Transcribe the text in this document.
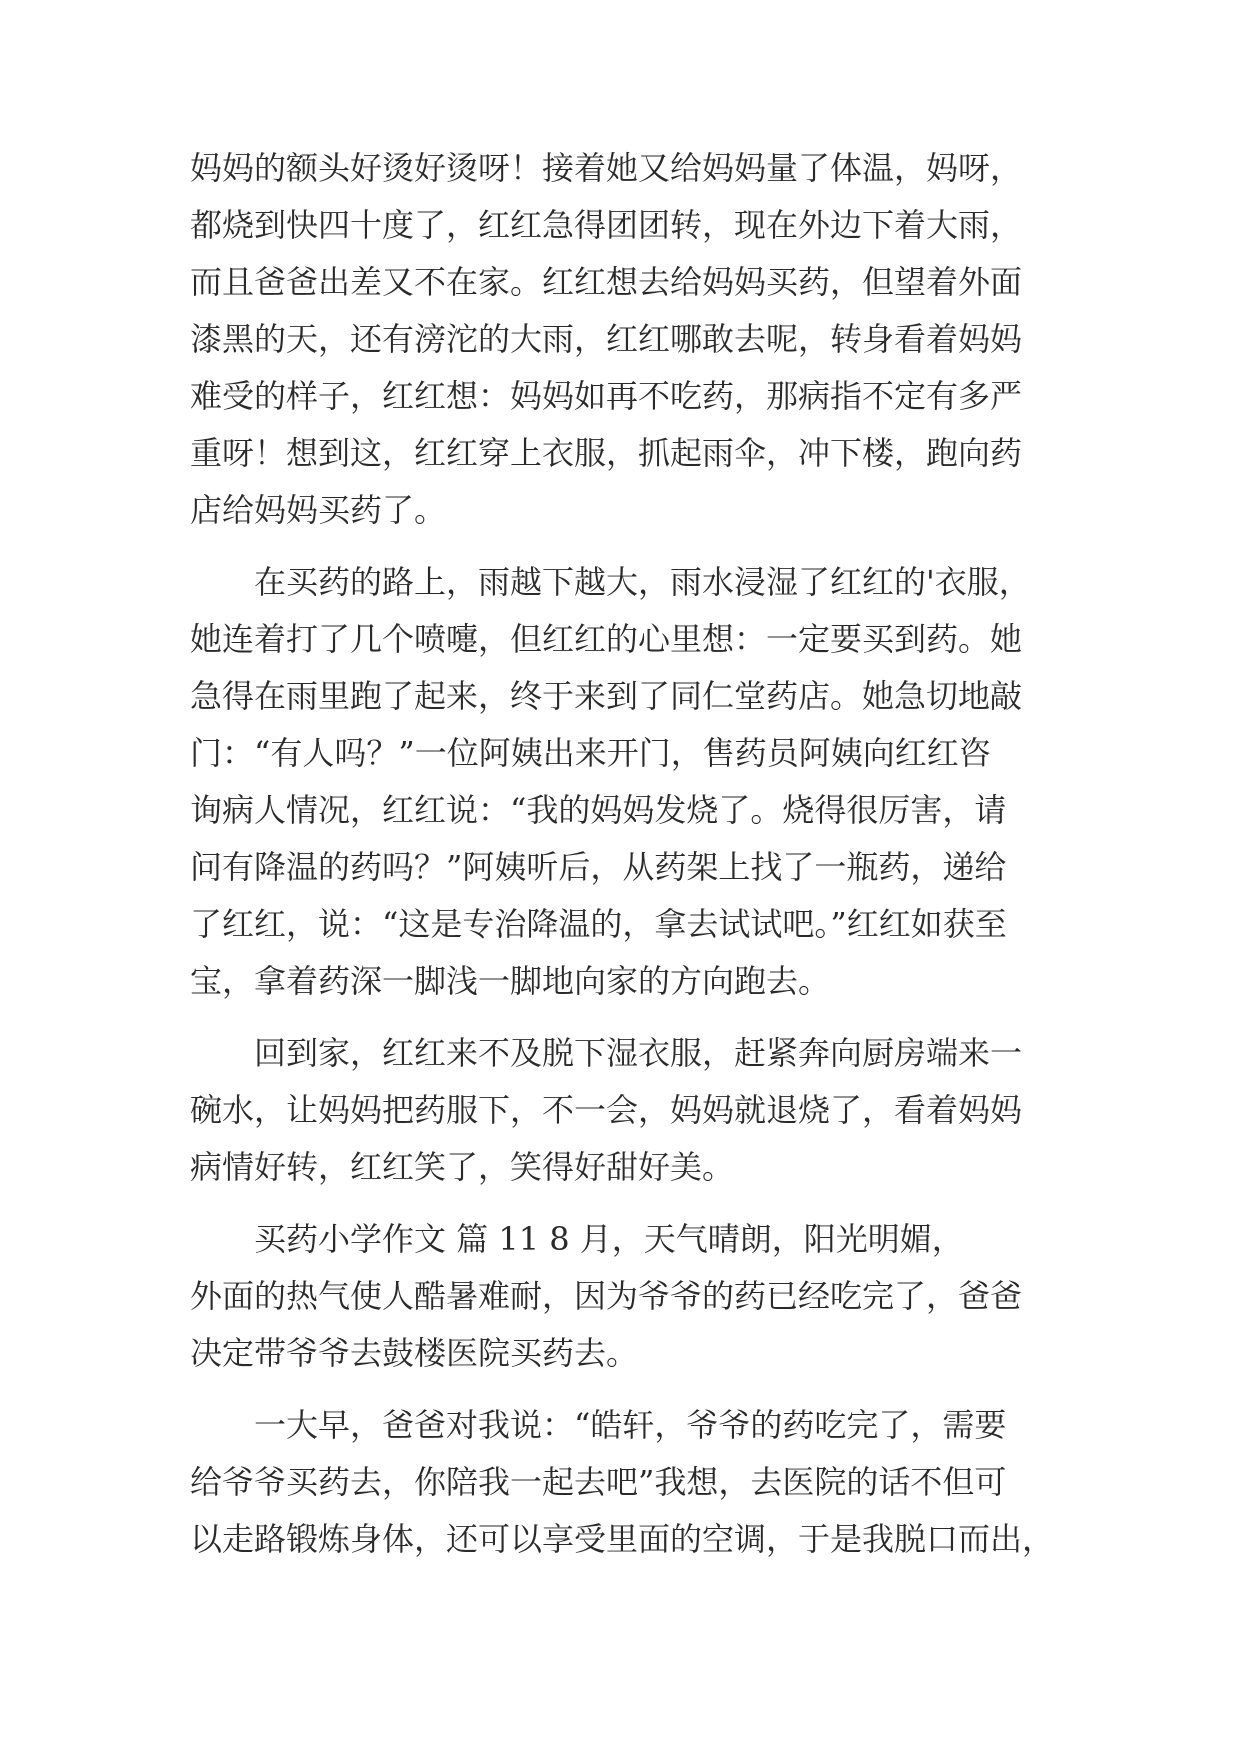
妈妈的额头好烫好烫呀！接着她又给妈妈量了体温，妈呀，
都烧到快四十度了，红红急得团团转，现在外边下着大雨，
而且爸爸出差又不在家。红红想去给妈妈买药，但望着外面
漆黑的天，还有滂沱的大雨，红红哪敢去呢，转身看着妈妈
难受的样子，红红想：妈妈如再不吃药，那病指不定有多严
重呀！想到这，红红穿上衣服，抓起雨伞，冲下楼，跑向药
店给妈妈买药了。
在买药的路上，雨越下越大，雨水浸湿了红红的'衣服，
她连着打了几个喷嚏，但红红的心里想：一定要买到药。她
急得在雨里跑了起来，终于来到了同仁堂药店。她急切地敲
门：“有人吗？”一位阿姨出来开门，售药员阿姨向红红咨
询病人情况，红红说：“我的妈妈发烧了。烧得很厉害，请
问有降温的药吗？”阿姨听后，从药架上找了一瓶药，递给
了红红，说：“这是专治降温的，拿去试试吧。”红红如获至
宝，拿着药深一脚浅一脚地向家的方向跑去。
回到家，红红来不及脱下湿衣服，赶紧奔向厨房端来一
碗水，让妈妈把药服下，不一会，妈妈就退烧了，看着妈妈
病情好转，红红笑了，笑得好甜好美。
买药小学作文 篇 11 8 月，天气晴朗，阳光明媚，
外面的热气使人酷暑难耐，因为爷爷的药已经吃完了，爸爸
决定带爷爷去鼓楼医院买药去。
一大早，爸爸对我说：“皓轩，爷爷的药吃完了，需要
给爷爷买药去，你陪我一起去吧”我想，去医院的话不但可
以走路锻炼身体，还可以享受里面的空调，于是我脱口而出，
